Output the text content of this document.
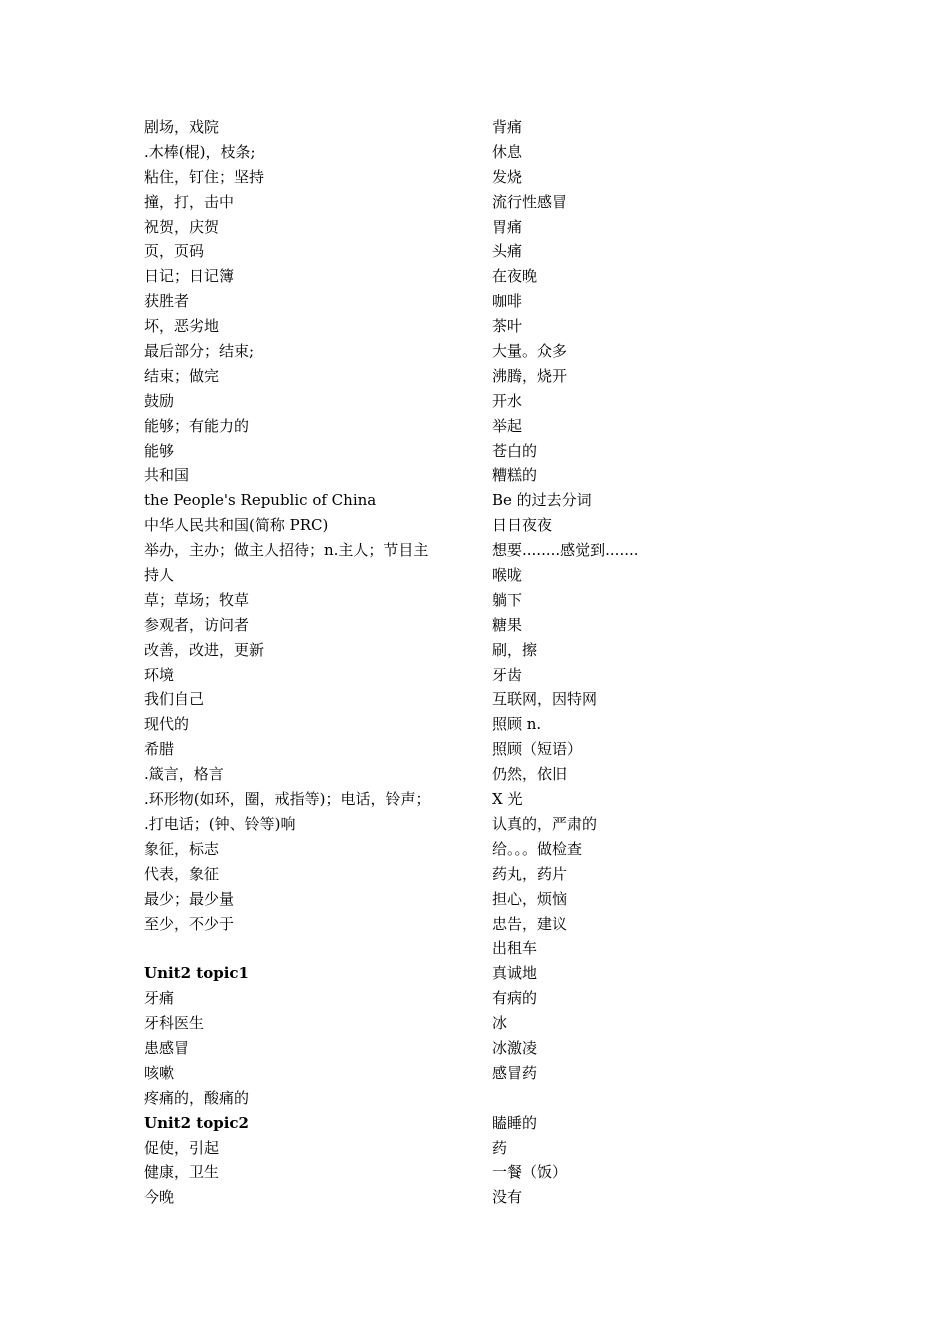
剧场，戏院
.木棒(棍)，枝条;
粘住，钉住；坚持
撞，打，击中
祝贺，庆贺
页，页码
日记；日记簿
获胜者
坏，恶劣地
最后部分；结束;
结束；做完
鼓励
能够；有能力的
能够
共和国
the People's Republic of China
中华人民共和国(简称 PRC)
举办，主办；做主人招待；n.主人；节目主
持人
草；草场；牧草
参观者，访问者
改善，改进，更新
环境
我们自己
现代的
希腊
.箴言，格言
.环形物(如环，圈，戒指等)；电话，铃声；
.打电话；(钟、铃等)响
象征，标志
代表，象征
最少；最少量
至少，不少于
Unit2 topic1
牙痛
牙科医生
患感冒
咳嗽
疼痛的，酸痛的
Unit2 topic2
促使，引起
健康，卫生
今晚
背痛
休息
发烧
流行性感冒
胃痛
头痛
在夜晚
咖啡
茶叶
大量。众多
沸腾，烧开
开水
举起
苍白的
糟糕的
Be 的过去分词
日日夜夜
想要........感觉到.......
喉咙
躺下
糖果
刷，擦
牙齿
互联网，因特网
照顾 n.
照顾（短语）
仍然，依旧
X 光
认真的，严肃的
给。。。做检查
药丸，药片
担心，烦恼
忠告，建议
出租车
真诚地
有病的
冰
冰激凌
感冒药
瞌睡的
药
一餐（饭）
没有
